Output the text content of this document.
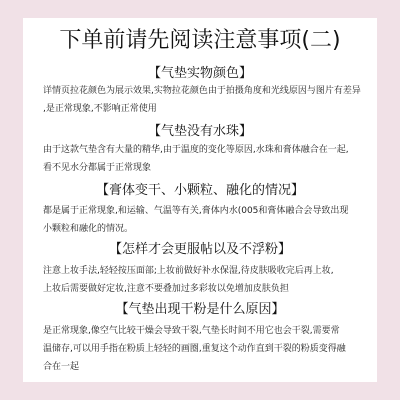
下单前请先阅读注意事项(二)
【气垫实物颜色】
详情页拉花颜色为展示效果,实物拉花颜色由于拍摄角度和光线原因与图片有差异
,是正常现象,不影响正常使用
【气垫没有水珠】
由于这款气垫含有大量的精华,由于温度的变化等原因,水珠和膏体融合在一起,
看不见水分都属于正常现象
【膏体变干、小颗粒、融化的情况】
都是属于正常现象,和运输、气温等有关,膏体内水(005和膏体融合会导致出现
小颗粒和融化的情况。
【怎样才会更服帖以及不浮粉】
注意上妆手法,轻轻按压面部;上妆前做好补水保湿,待皮肤吸收完后再上妆,
上妆后需要做好定妆,注意不要叠加过多彩妆以免增加皮肤负担
【气垫出现干粉是什么原因】
是正常现象,像空气比较干燥会导致干裂,气垫长时间不用它也会干裂,需要常
温储存,可以用手指在粉质上轻轻的画圈,重复这个动作直到干裂的粉质变得融
合在一起
